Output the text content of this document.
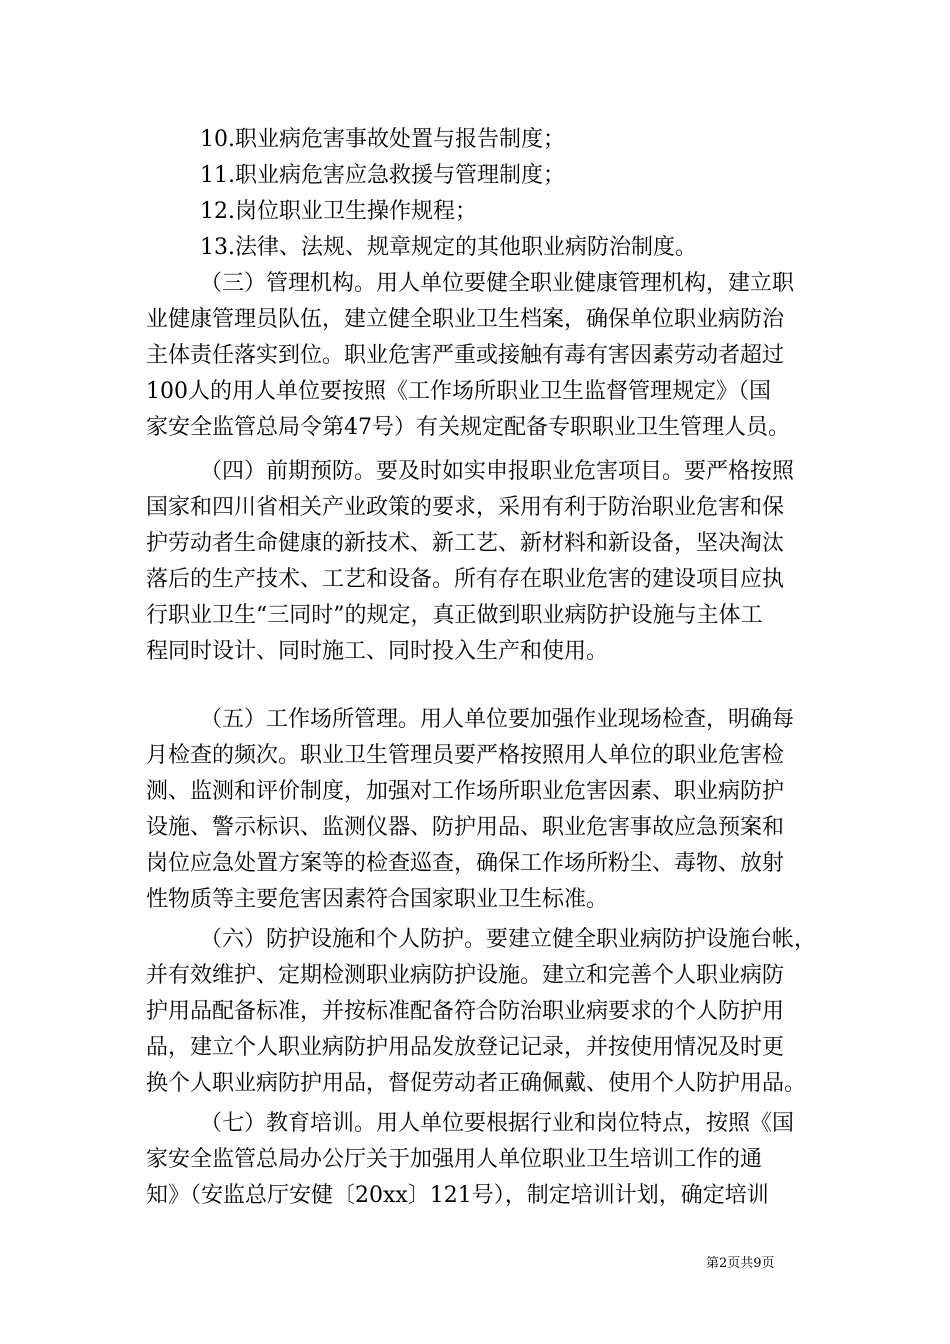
10.职业病危害事故处置与报告制度；
11.职业病危害应急救援与管理制度；
12.岗位职业卫生操作规程；
13.法律、法规、规章规定的其他职业病防治制度。
（三）管理机构。用人单位要健全职业健康管理机构，建立职
业健康管理员队伍，建立健全职业卫生档案，确保单位职业病防治
主体责任落实到位。职业危害严重或接触有毒有害因素劳动者超过
100人的用人单位要按照《工作场所职业卫生监督管理规定》（国
家安全监管总局令第47号）有关规定配备专职职业卫生管理人员。
（四）前期预防。要及时如实申报职业危害项目。要严格按照
国家和四川省相关产业政策的要求，采用有利于防治职业危害和保
护劳动者生命健康的新技术、新工艺、新材料和新设备，坚决淘汰
落后的生产技术、工艺和设备。所有存在职业危害的建设项目应执
行职业卫生“三同时”的规定，真正做到职业病防护设施与主体工
程同时设计、同时施工、同时投入生产和使用。
（五）工作场所管理。用人单位要加强作业现场检查，明确每
月检查的频次。职业卫生管理员要严格按照用人单位的职业危害检
测、监测和评价制度，加强对工作场所职业危害因素、职业病防护
设施、警示标识、监测仪器、防护用品、职业危害事故应急预案和
岗位应急处置方案等的检查巡查，确保工作场所粉尘、毒物、放射
性物质等主要危害因素符合国家职业卫生标准。
（六）防护设施和个人防护。要建立健全职业病防护设施台帐，
并有效维护、定期检测职业病防护设施。建立和完善个人职业病防
护用品配备标准，并按标准配备符合防治职业病要求的个人防护用
品，建立个人职业病防护用品发放登记记录，并按使用情况及时更
换个人职业病防护用品，督促劳动者正确佩戴、使用个人防护用品。
（七）教育培训。用人单位要根据行业和岗位特点，按照《国
家安全监管总局办公厅关于加强用人单位职业卫生培训工作的通
知》（安监总厅安健〔20xx〕121号），制定培训计划，确定培训
第2页共9页
